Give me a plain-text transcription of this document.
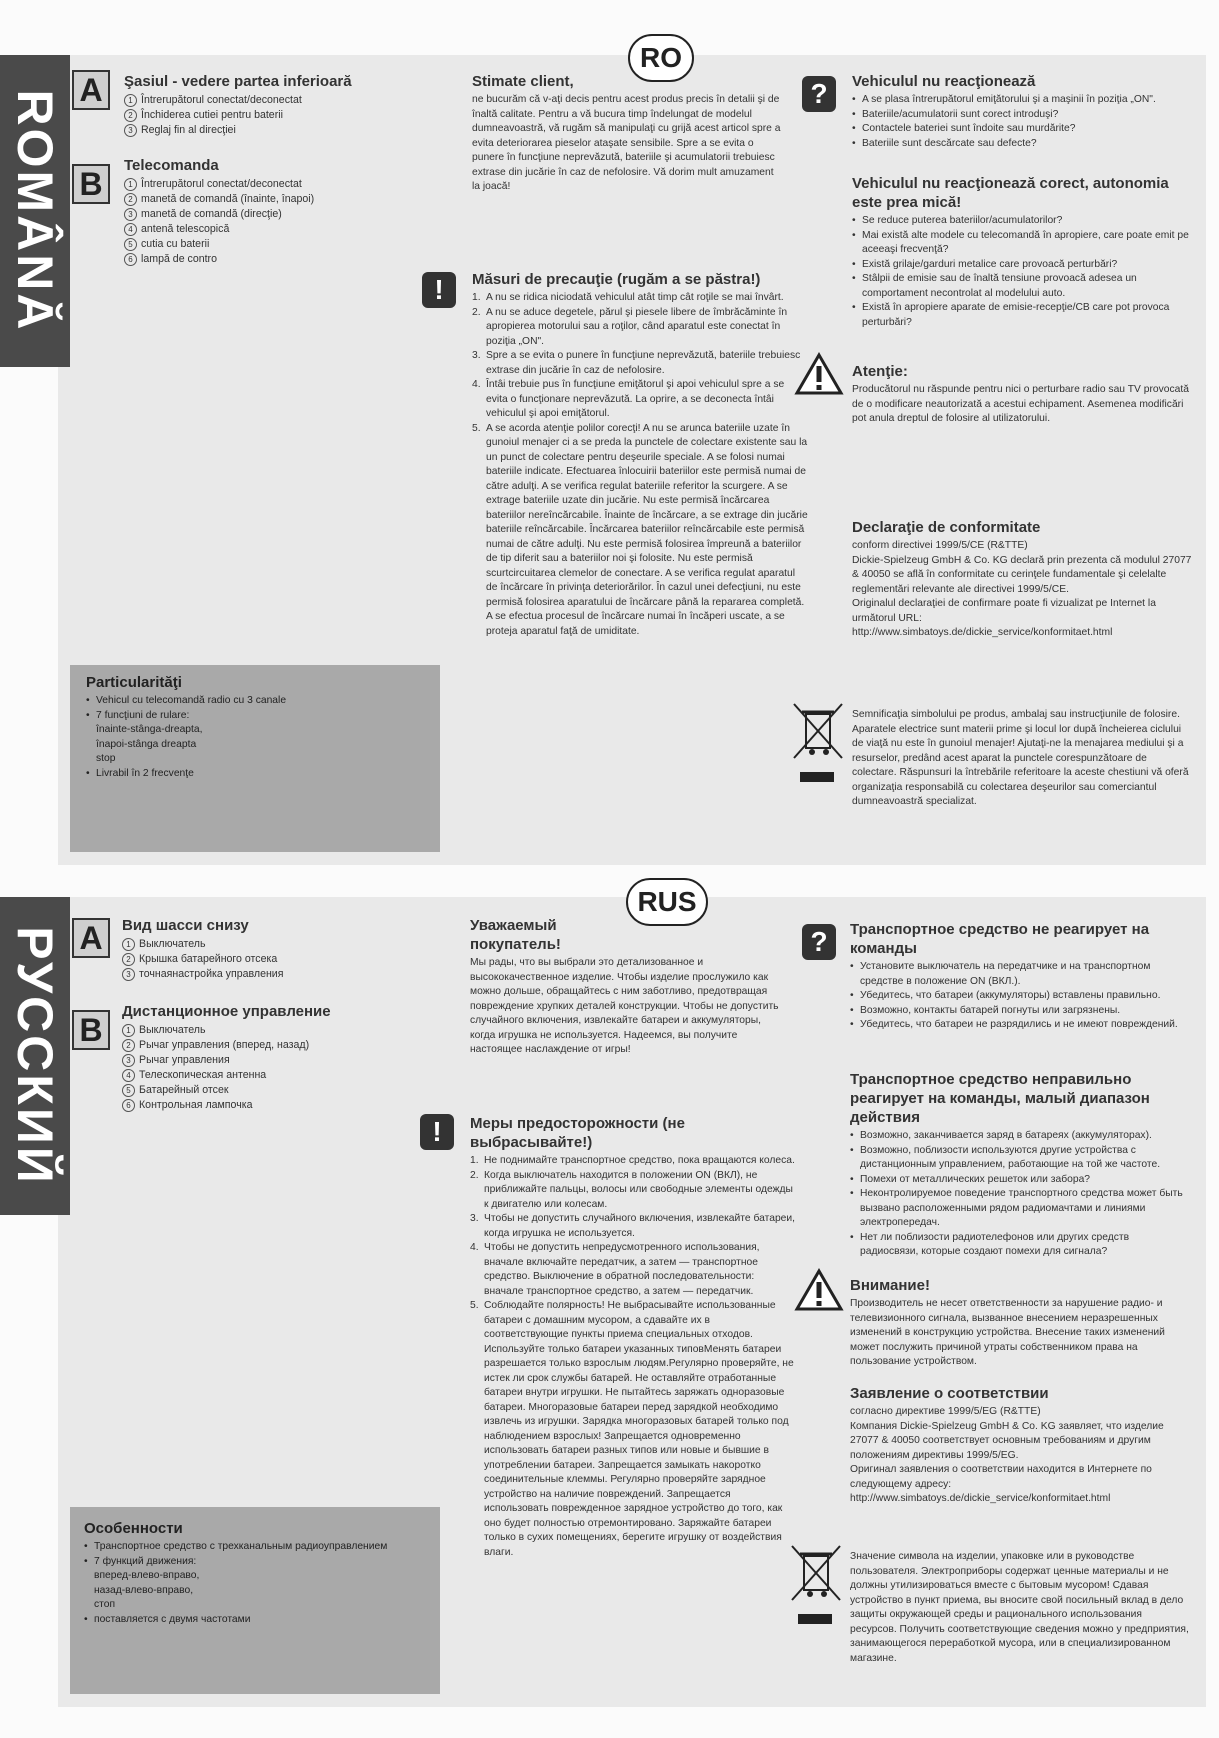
ROMÂNĂ
RO
A	Şasiul - vedere partea inferioară
1 Întrerupătorul conectat/deconectat
2 Închiderea cutiei pentru baterii
3 Reglaj fin al direcţiei
B
Telecomanda
1 Întrerupătorul conectat/deconectat
2 manetă de comandă (înainte, înapoi)
3 manetă de comandă (direcţie)
4 antenă telescopică
5 cutia cu baterii
6 lampă de contro
Particularităţi
• Vehicul cu telecomandă radio cu 3 canale
• 7 funcţiuni de rulare:
înainte-stânga-dreapta,
înapoi-stânga dreapta
stop
• Livrabil în 2 frecvenţe
Stimate client,

ne bucurăm că v-aţi decis pentru acest produs precis în detalii şi de înaltă calitate. Pentru a vă bucura timp îndelungat de modelul dumneavoastră, vă rugăm să manipulaţi cu grijă acest articol spre a evita deteriorarea pieselor ataşate sensibile. Spre a se evita o punere în funcţiune neprevăzută, bateriile şi acumulatorii trebuiesc extrase din jucărie în caz de nefolosire. Vă dorim mult amuzament la joacă!

!	Măsuri de precauţie (rugăm a se păstra!)
1. A nu se ridica niciodată vehiculul atât timp cât roţile se mai învârt.
2. A nu se aduce degetele, părul şi piesele libere de îmbrăcăminte în apropierea motorului sau a roţilor, când aparatul este conectat în poziţia „ON".
3. Spre a se evita o punere în funcţiune neprevăzută, bateriile trebuiesc extrase din jucărie în caz de nefolosire.
4. Întâi trebuie pus în funcţiune emiţătorul şi apoi vehiculul spre a se evita o funcţionare neprevăzută. La oprire, a se deconecta întâi vehiculul şi apoi emiţătorul.
5. A se acorda atenţie polilor corecţi! A nu se arunca bateriile uzate în gunoiul menajer ci a se preda la punctele de colectare existente sau la un punct de colectare pentru deşeurile speciale. A se folosi numai bateriile indicate. Efectuarea înlocuirii bateriilor este permisă numai de către adulţi. A se verifica regulat bateriile referitor la scurgere. A se extrage bateriile uzate din jucărie. Nu este permisă încărcarea bateriilor nereîncărcabile. Înainte de încărcare, a se extrage din jucărie bateriile reîncărcabile. Încărcarea bateriilor reîncărcabile este permisă numai de către adulţi. Nu este permisă folosirea împreună a bateriilor de tip diferit sau a bateriilor noi şi folosite. Nu este permisă scurtcircuitarea clemelor de conectare. A se verifica regulat aparatul de încărcare în privinţa deteriorărilor. În cazul unei defecţiuni, nu este permisă folosirea aparatului de încărcare până la repararea completă. A se efectua procesul de încărcare numai în încăperi uscate, a se proteja aparatul faţă de umiditate.
?	Vehiculul nu reacţionează
• A se plasa întrerupătorul emiţătorului şi a maşinii în poziţia „ON".
• Bateriile/acumulatorii sunt corect introduşi?
• Contactele bateriei sunt îndoite sau murdărite?
• Bateriile sunt descărcate sau defecte?
Vehiculul nu reacţionează corect, autonomia este prea mică!
• Se reduce puterea bateriilor/acumulatorilor?
• Mai există alte modele cu telecomandă în apropiere, care poate emit pe aceeaşi frecvenţă?
• Există grilaje/garduri metalice care provoacă perturbări?
• Stâlpii de emisie sau de înaltă tensiune provoacă adesea un comportament necontrolat al modelului auto.
• Există în apropiere aparate de emisie-recepţie/CB care pot provoca perturbări?
Atenţie:

Producătorul nu răspunde pentru nici o perturbare radio sau TV provocată de o modificare neautorizată a acestui echipament. Asemenea modificări pot anula dreptul de folosire al utilizatorului.

Declaraţie de conformitate

conform directivei 1999/5/CE (R&TTE)
Dickie-Spielzeug GmbH & Co. KG declară prin prezenta că modulul 27077 & 40050 se află în conformitate cu cerinţele fundamentale şi celelalte reglementări relevante ale directivei 1999/5/CE.
Originalul declaraţiei de confirmare poate fi vizualizat pe Internet la următorul URL:
http://www.simbatoys.de/dickie_service/konformitaet.html

Semnificaţia simbolului pe produs, ambalaj sau instrucţiunile de folosire. Aparatele electrice sunt materii prime şi locul lor după încheierea ciclului de viaţă nu este în gunoiul menajer! Ajutaţi-ne la menajarea mediului şi a resurselor, predând acest aparat la punctele corespunzătoare de colectare. Răspunsuri la întrebările referitoare la aceste chestiuni vă oferă organizaţia responsabilă cu colectarea deşeurilor sau comerciantul dumneavoastră specializat.

РУССКИЙ
RUS
A	Вид шасси снизу
1 Выключатель
2 Крышка батарейного отсека
3 точнаянастройка управления
B
Дистанционное управление
1 Выключатель
2 Рычаг управления (вперед, назад)
3 Рычаг управления
4 Телескопическая антенна
5 Батарейный отсек
6 Контрольная лампочка
Особенности
• Транспортное средство с трехканальным радиоуправлением
• 7 функций движения:
вперед-влево-вправо,
назад-влево-вправо,
стоп
• поставляется с двумя частотами
Уважаемый покупатель!

Мы рады, что вы выбрали это детализованное и высококачественное изделие. Чтобы изделие прослужило как можно дольше, обращайтесь с ним заботливо, предотвращая повреждение хрупких деталей конструкции. Чтобы не допустить случайного включения, извлекайте батареи и аккумуляторы, когда игрушка не используется. Надеемся, вы получите настоящее наслаждение от игры!

!	Меры предосторожности (не выбрасывайте!)
1. Не поднимайте транспортное средство, пока вращаются колеса.
2. Когда выключатель находится в положении ON (ВКЛ), не приближайте пальцы, волосы или свободные элементы одежды к двигателю или колесам.
3. Чтобы не допустить случайного включения, извлекайте батареи, когда игрушка не используется.
4. Чтобы не допустить непредусмотренного использования, вначале включайте передатчик, а затем — транспортное средство. Выключение в обратной последовательности: вначале транспортное средство, а затем — передатчик.
5. Соблюдайте полярность! Не выбрасывайте использованные батареи с домашним мусором, а сдавайте их в соответствующие пункты приема специальных отходов. Используйте только батареи указанных типовМенять батареи разрешается только взрослым людям.Регулярно проверяйте, не истек ли срок службы батарей. Не оставляйте отработанные батареи внутри игрушки. Не пытайтесь заряжать одноразовые батареи. Многоразовые батареи перед зарядкой необходимо извлечь из игрушки. Зарядка многоразовых батарей только под наблюдением взрослых! Запрещается одновременно использовать батареи разных типов или новые и бывшие в употреблении батареи. Запрещается замыкать накоротко соединительные клеммы. Регулярно проверяйте зарядное устройство на наличие повреждений. Запрещается использовать поврежденное зарядное устройство до того, как оно будет полностью отремонтировано. Заряжайте батареи только в сухих помещениях, берегите игрушку от воздействия влаги.
?	Транспортное средство не реагирует на команды
• Установите выключатель на передатчике и на транспортном средстве в положение ON (ВКЛ.).
• Убедитесь, что батареи (аккумуляторы) вставлены правильно.
• Возможно, контакты батарей погнуты или загрязнены.
• Убедитесь, что батареи не разрядились и не имеют повреждений.
Транспортное средство неправильно реагирует на команды, малый диапазон действия
• Возможно, заканчивается заряд в батареях (аккумуляторах).
• Возможно, поблизости используются другие устройства с дистанционным управлением, работающие на той же частоте.
• Помехи от металлических решеток или забора?
• Неконтролируемое поведение транспортного средства может быть вызвано расположенными рядом радиомачтами и линиями электропередач.
• Нет ли поблизости радиотелефонов или других средств радиосвязи, которые создают помехи для сигнала?
Внимание!

Производитель не несет ответственности за нарушение радио- и телевизионного сигнала, вызванное внесением неразрешенных изменений в конструкцию устройства. Внесение таких изменений может послужить причиной утраты собственником права на пользование устройством.

Заявление о соответствии

согласно директиве 1999/5/EG (R&TTE)
Компания Dickie-Spielzeug GmbH & Co. KG заявляет, что изделие 27077 & 40050 соответствует основным требованиям и другим положениям директивы 1999/5/EG.
Оригинал заявления о соответствии находится в Интернете по следующему адресу:
http://www.simbatoys.de/dickie_service/konformitaet.html

Значение символа на изделии, упаковке или в руководстве пользователя. Электроприборы содержат ценные материалы и не должны утилизироваться вместе с бытовым мусором! Сдавая устройство в пункт приема, вы вносите свой посильный вклад в дело защиты окружающей среды и рационального использования ресурсов. Получить соответствующие сведения можно у предприятия, занимающегося переработкой мусора, или в специализированном магазине.
